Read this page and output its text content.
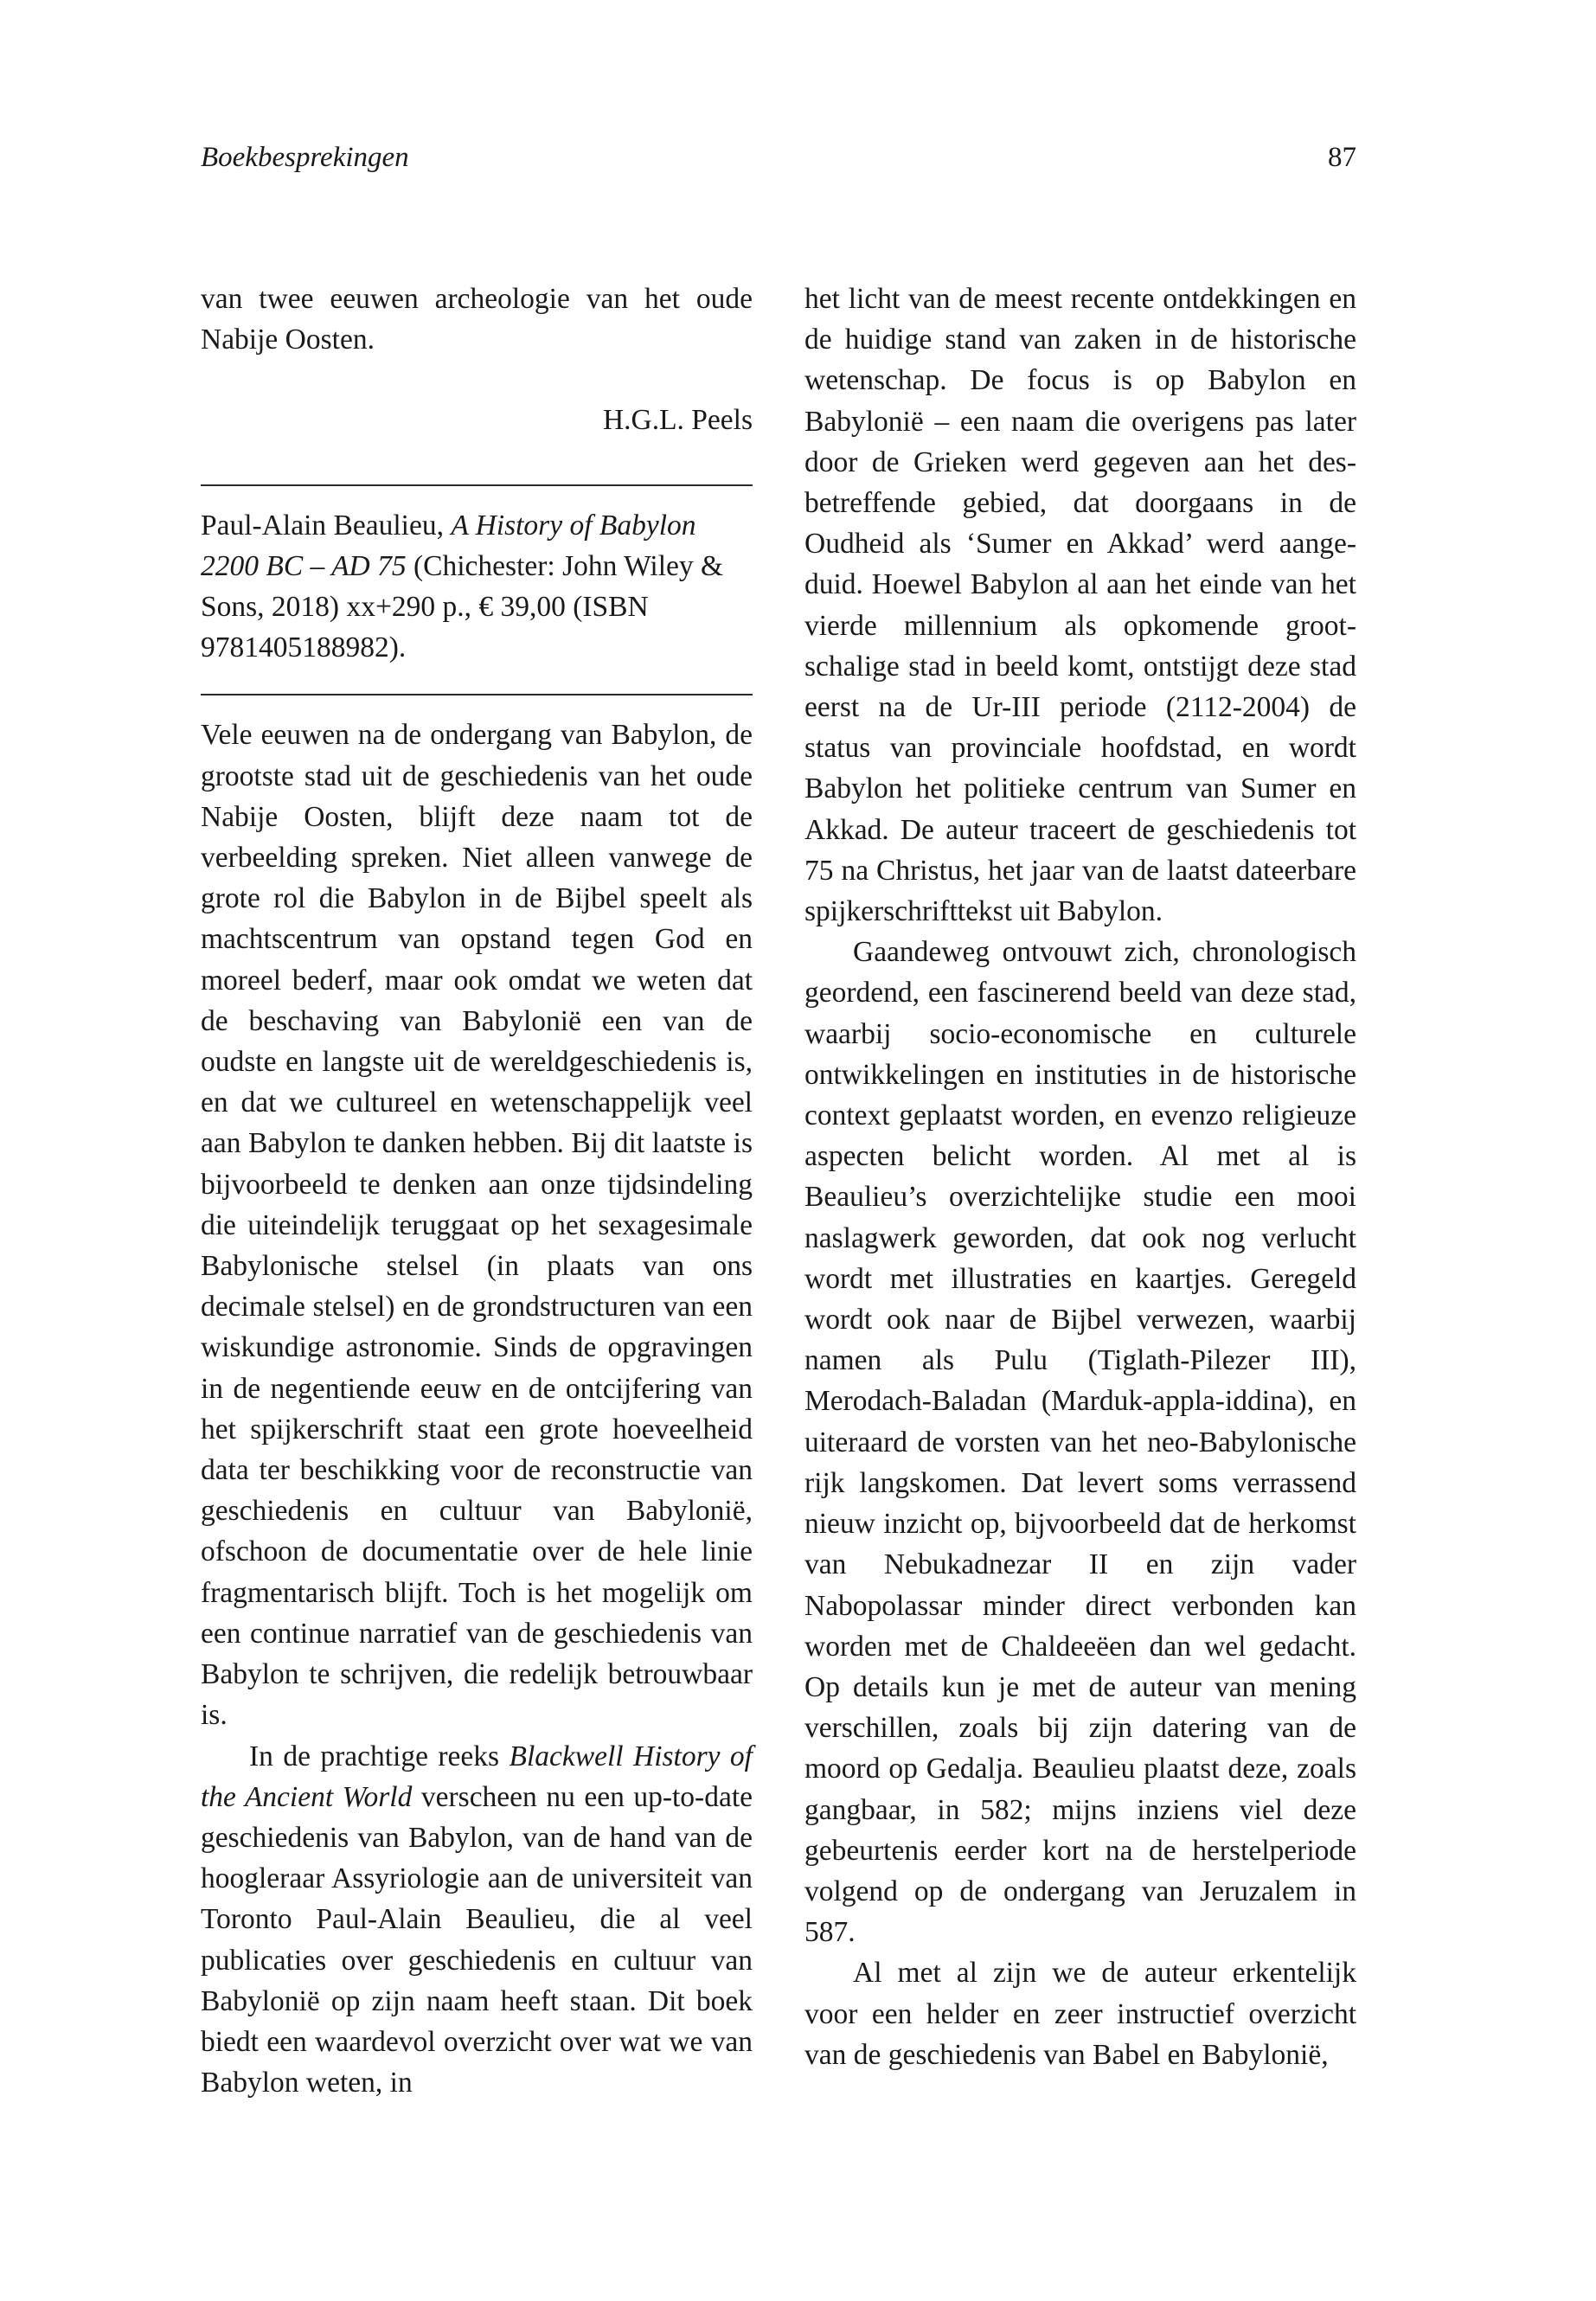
Boekbesprekingen	87

van twee eeuwen archeologie van het oude Nabije Oosten.

H.G.L. Peels

Paul-Alain Beaulieu, A History of Babylon 2200 BC – AD 75 (Chichester: John Wiley & Sons, 2018) xx+290 p., € 39,00 (ISBN 9781405188982).

Vele eeuwen na de ondergang van Babylon, de grootste stad uit de geschiedenis van het oude Nabije Oosten, blijft deze naam tot de verbeelding spreken. Niet alleen vanwege de grote rol die Babylon in de Bijbel speelt als machtscentrum van opstand tegen God en moreel bederf, maar ook omdat we weten dat de beschaving van Babylonië een van de oudste en langste uit de wereldgeschiedenis is, en dat we cultureel en wetenschappelijk veel aan Babylon te danken hebben. Bij dit laatste is bijvoorbeeld te denken aan onze tijdsindeling die uiteindelijk teruggaat op het sexagesimale Babylonische stelsel (in plaats van ons decimale stelsel) en de grondstructuren van een wiskundige astronomie. Sinds de opgravingen in de negentiende eeuw en de ontcijfering van het spijkerschrift staat een grote hoeveelheid data ter beschikking voor de reconstructie van geschiedenis en cultuur van Babylonië, ofschoon de documentatie over de hele linie fragmentarisch blijft. Toch is het mogelijk om een continue narratief van de geschiedenis van Babylon te schrijven, die redelijk betrouwbaar is.

In de prachtige reeks Blackwell History of the Ancient World verscheen nu een up-to-date geschiedenis van Babylon, van de hand van de hoogleraar Assyriologie aan de universiteit van Toronto Paul-Alain Beaulieu, die al veel publicaties over geschiedenis en cultuur van Babylonië op zijn naam heeft staan. Dit boek biedt een waardevol overzicht over wat we van Babylon weten, in

het licht van de meest recente ontdekkingen en de huidige stand van zaken in de historische wetenschap. De focus is op Babylon en Babylonië – een naam die overigens pas later door de Grieken werd gegeven aan het desbetreffende gebied, dat doorgaans in de Oudheid als ‘Sumer en Akkad’ werd aangeduid. Hoewel Babylon al aan het einde van het vierde millennium als opkomende grootschalige stad in beeld komt, ontstijgt deze stad eerst na de Ur-III periode (2112-2004) de status van provinciale hoofdstad, en wordt Babylon het politieke centrum van Sumer en Akkad. De auteur traceert de geschiedenis tot 75 na Christus, het jaar van de laatst dateerbare spijkerschrifttekst uit Babylon.

Gaandeweg ontvouwt zich, chronologisch geordend, een fascinerend beeld van deze stad, waarbij socio-economische en culturele ontwikkelingen en instituties in de historische context geplaatst worden, en evenzo religieuze aspecten belicht worden. Al met al is Beaulieu’s overzichtelijke studie een mooi naslagwerk geworden, dat ook nog verlucht wordt met illustraties en kaartjes. Geregeld wordt ook naar de Bijbel verwezen, waarbij namen als Pulu (Tiglath-Pilezer III), Merodach-Baladan (Marduk-appla-iddina), en uiteraard de vorsten van het neo-Babylonische rijk langskomen. Dat levert soms verrassend nieuw inzicht op, bijvoorbeeld dat de herkomst van Nebukadnezar II en zijn vader Nabopolassar minder direct verbonden kan worden met de Chaldeeëen dan wel gedacht. Op details kun je met de auteur van mening verschillen, zoals bij zijn datering van de moord op Gedalja. Beaulieu plaatst deze, zoals gangbaar, in 582; mijns inziens viel deze gebeurtenis eerder kort na de herstelperiode volgend op de ondergang van Jeruzalem in 587.

Al met al zijn we de auteur erkentelijk voor een helder en zeer instructief overzicht van de geschiedenis van Babel en Babylonië,
